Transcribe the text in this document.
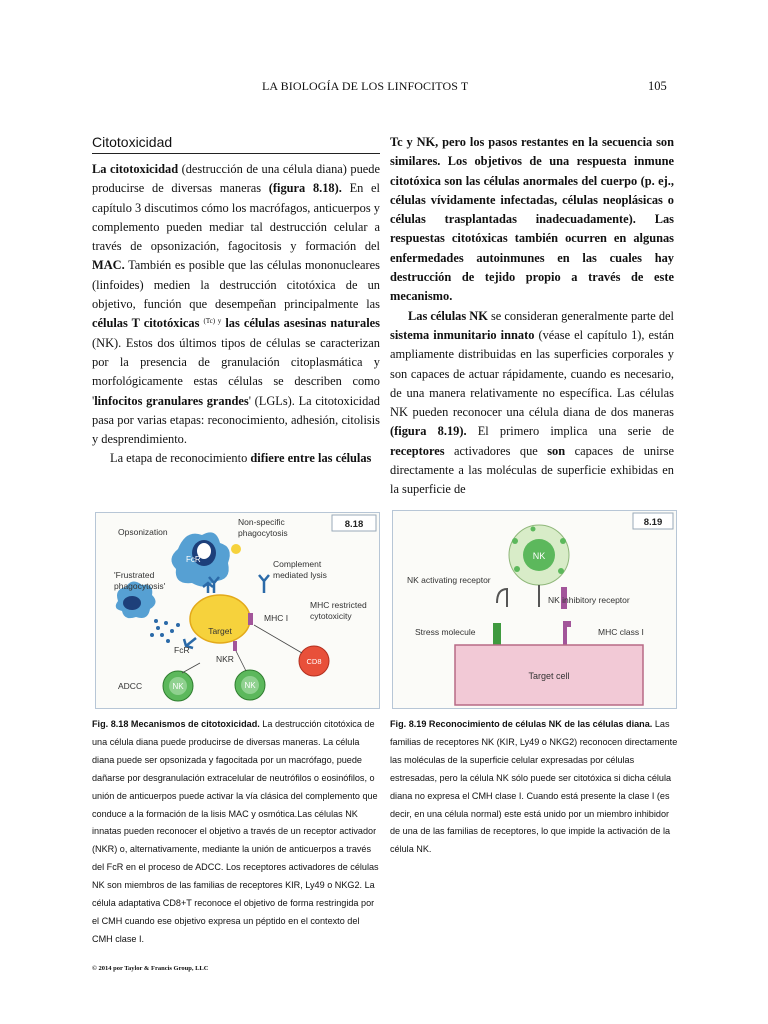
LA BIOLOGÍA DE LOS LINFOCITOS T	105
Citotoxicidad

La citotoxicidad (destrucción de una célula diana) puede producirse de diversas maneras (figura 8.18). En el capítulo 3 discutimos cómo los macrófagos, anticuerpos y complemento pueden mediar tal destrucción celular a través de opsonización, fagocitosis y formación del MAC. También es posible que las células mononucleares (linfoides) medien la destrucción citotóxica de un objetivo, función que desempeñan principalmente las células T citotóxicas $^{(Tc) y}$ las células asesinas naturales (NK). Estos dos últimos tipos de células se caracterizan por la presencia de granulación citoplasmática y morfológicamente estas células se describen como 'linfocitos granulares grandes' (LGLs). La citotoxicidad pasa por varias etapas: reconocimiento, adhesión, citolisis y desprendimiento.

La etapa de reconocimiento difiere entre las células

Tc y NK, pero los pasos restantes en la secuencia son similares. Los objetivos de una respuesta inmune citotóxica son las células anormales del cuerpo (p. ej., células vívidamente infectadas, células neoplásicas o células trasplantadas inadecuadamente). Las respuestas citotóxicas también ocurren en algunas enfermedades autoinmunes en las cuales hay destrucción de tejido propio a través de este mecanismo.

Las células NK se consideran generalmente parte del sistema inmunitario innato (véase el capítulo 1), están ampliamente distribuidas en las superficies corporales y son capaces de actuar rápidamente, cuando es necesario, de una manera relativamente no específica. Las células NK pueden reconocer una célula diana de dos maneras (figura 8.19). El primero implica una serie de receptores activadores que son capaces de unirse directamente a las moléculas de superficie exhibidas en la superficie de

8.18
FcR
Target
NK	NK
CD8
Opsonization
Non-specific
phagocytosis
Complement
mediated lysis
'Frustrated
phagocytosis'
MHC restricted
cytotoxicity
MHC I
FcR
NKR
ADCC
8.19
NK
Target cell
NK activating receptor
NK inhibitory receptor
Stress molecule	MHC class I
Fig. 8.18 Mecanismos de citotoxicidad. La destrucción citotóxica de una célula diana puede producirse de diversas maneras. La célula diana puede ser opsonizada y fagocitada por un macrófago, puede dañarse por desgranulación extracelular de neutrófilos o eosinófilos, o unión de anticuerpos puede activar la vía clásica del complemento que conduce a la formación de la lisis MAC y osmótica.Las células NK innatas pueden reconocer el objetivo a través de un receptor activador (NKR) o, alternativamente, mediante la unión de anticuerpos a través del FcR en el proceso de ADCC. Los receptores activadores de células NK son miembros de las familias de receptores KIR, Ly49 o NKG2. La célula adaptativa CD8+T reconoce el objetivo de forma restringida por el CMH cuando ese objetivo expresa un péptido en el contexto del CMH clase I.
Fig. 8.19 Reconocimiento de células NK de las células diana. Las familias de receptores NK (KIR, Ly49 o NKG2) reconocen directamente las moléculas de la superficie celular expresadas por células estresadas, pero la célula NK sólo puede ser citotóxica si dicha célula diana no expresa el CMH clase I. Cuando está presente la clase I (es decir, en una célula normal) este está unido por un miembro inhibidor de una de las familias de receptores, lo que impide la activación de la célula NK.
© 2014 por Taylor & Francis Group, LLC
